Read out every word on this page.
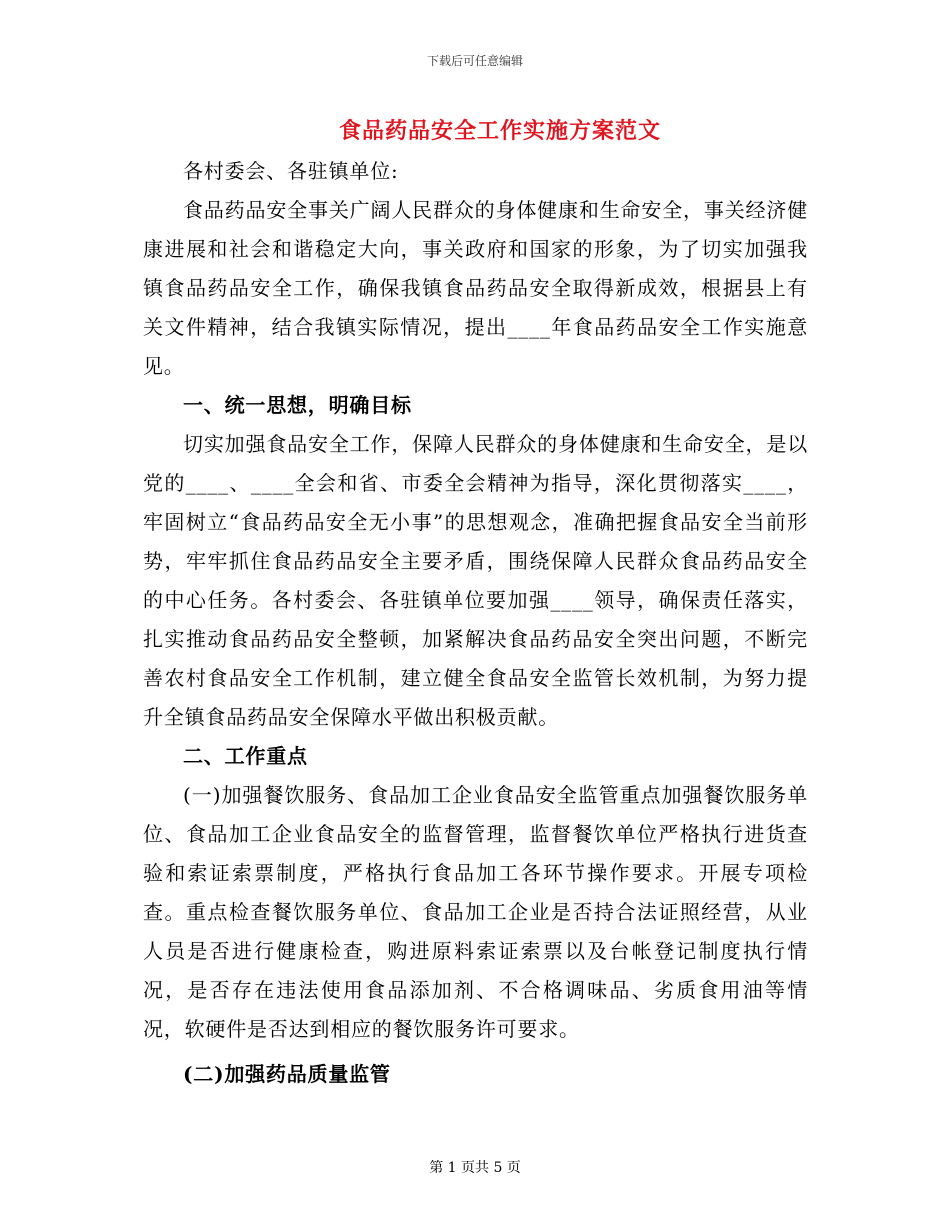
下载后可任意编辑
食品药品安全工作实施方案范文

各村委会、各驻镇单位:

食品药品安全事关广阔人民群众的身体健康和生命安全，事关经济健康进展和社会和谐稳定大向，事关政府和国家的形象，为了切实加强我镇食品药品安全工作，确保我镇食品药品安全取得新成效，根据县上有关文件精神，结合我镇实际情况，提出____年食品药品安全工作实施意见。

一、统一思想，明确目标

切实加强食品安全工作，保障人民群众的身体健康和生命安全，是以党的____、____全会和省、市委全会精神为指导，深化贯彻落实____，牢固树立“食品药品安全无小事”的思想观念，准确把握食品安全当前形势，牢牢抓住食品药品安全主要矛盾，围绕保障人民群众食品药品安全的中心任务。各村委会、各驻镇单位要加强____领导，确保责任落实，扎实推动食品药品安全整顿，加紧解决食品药品安全突出问题，不断完善农村食品安全工作机制，建立健全食品安全监管长效机制，为努力提升全镇食品药品安全保障水平做出积极贡献。

二、工作重点

(一)加强餐饮服务、食品加工企业食品安全监管重点加强餐饮服务单位、食品加工企业食品安全的监督管理，监督餐饮单位严格执行进货查验和索证索票制度，严格执行食品加工各环节操作要求。开展专项检查。重点检查餐饮服务单位、食品加工企业是否持合法证照经营，从业人员是否进行健康检查，购进原料索证索票以及台帐登记制度执行情况，是否存在违法使用食品添加剂、不合格调味品、劣质食用油等情况，软硬件是否达到相应的餐饮服务许可要求。

(二)加强药品质量监管

第 1 页共 5 页
